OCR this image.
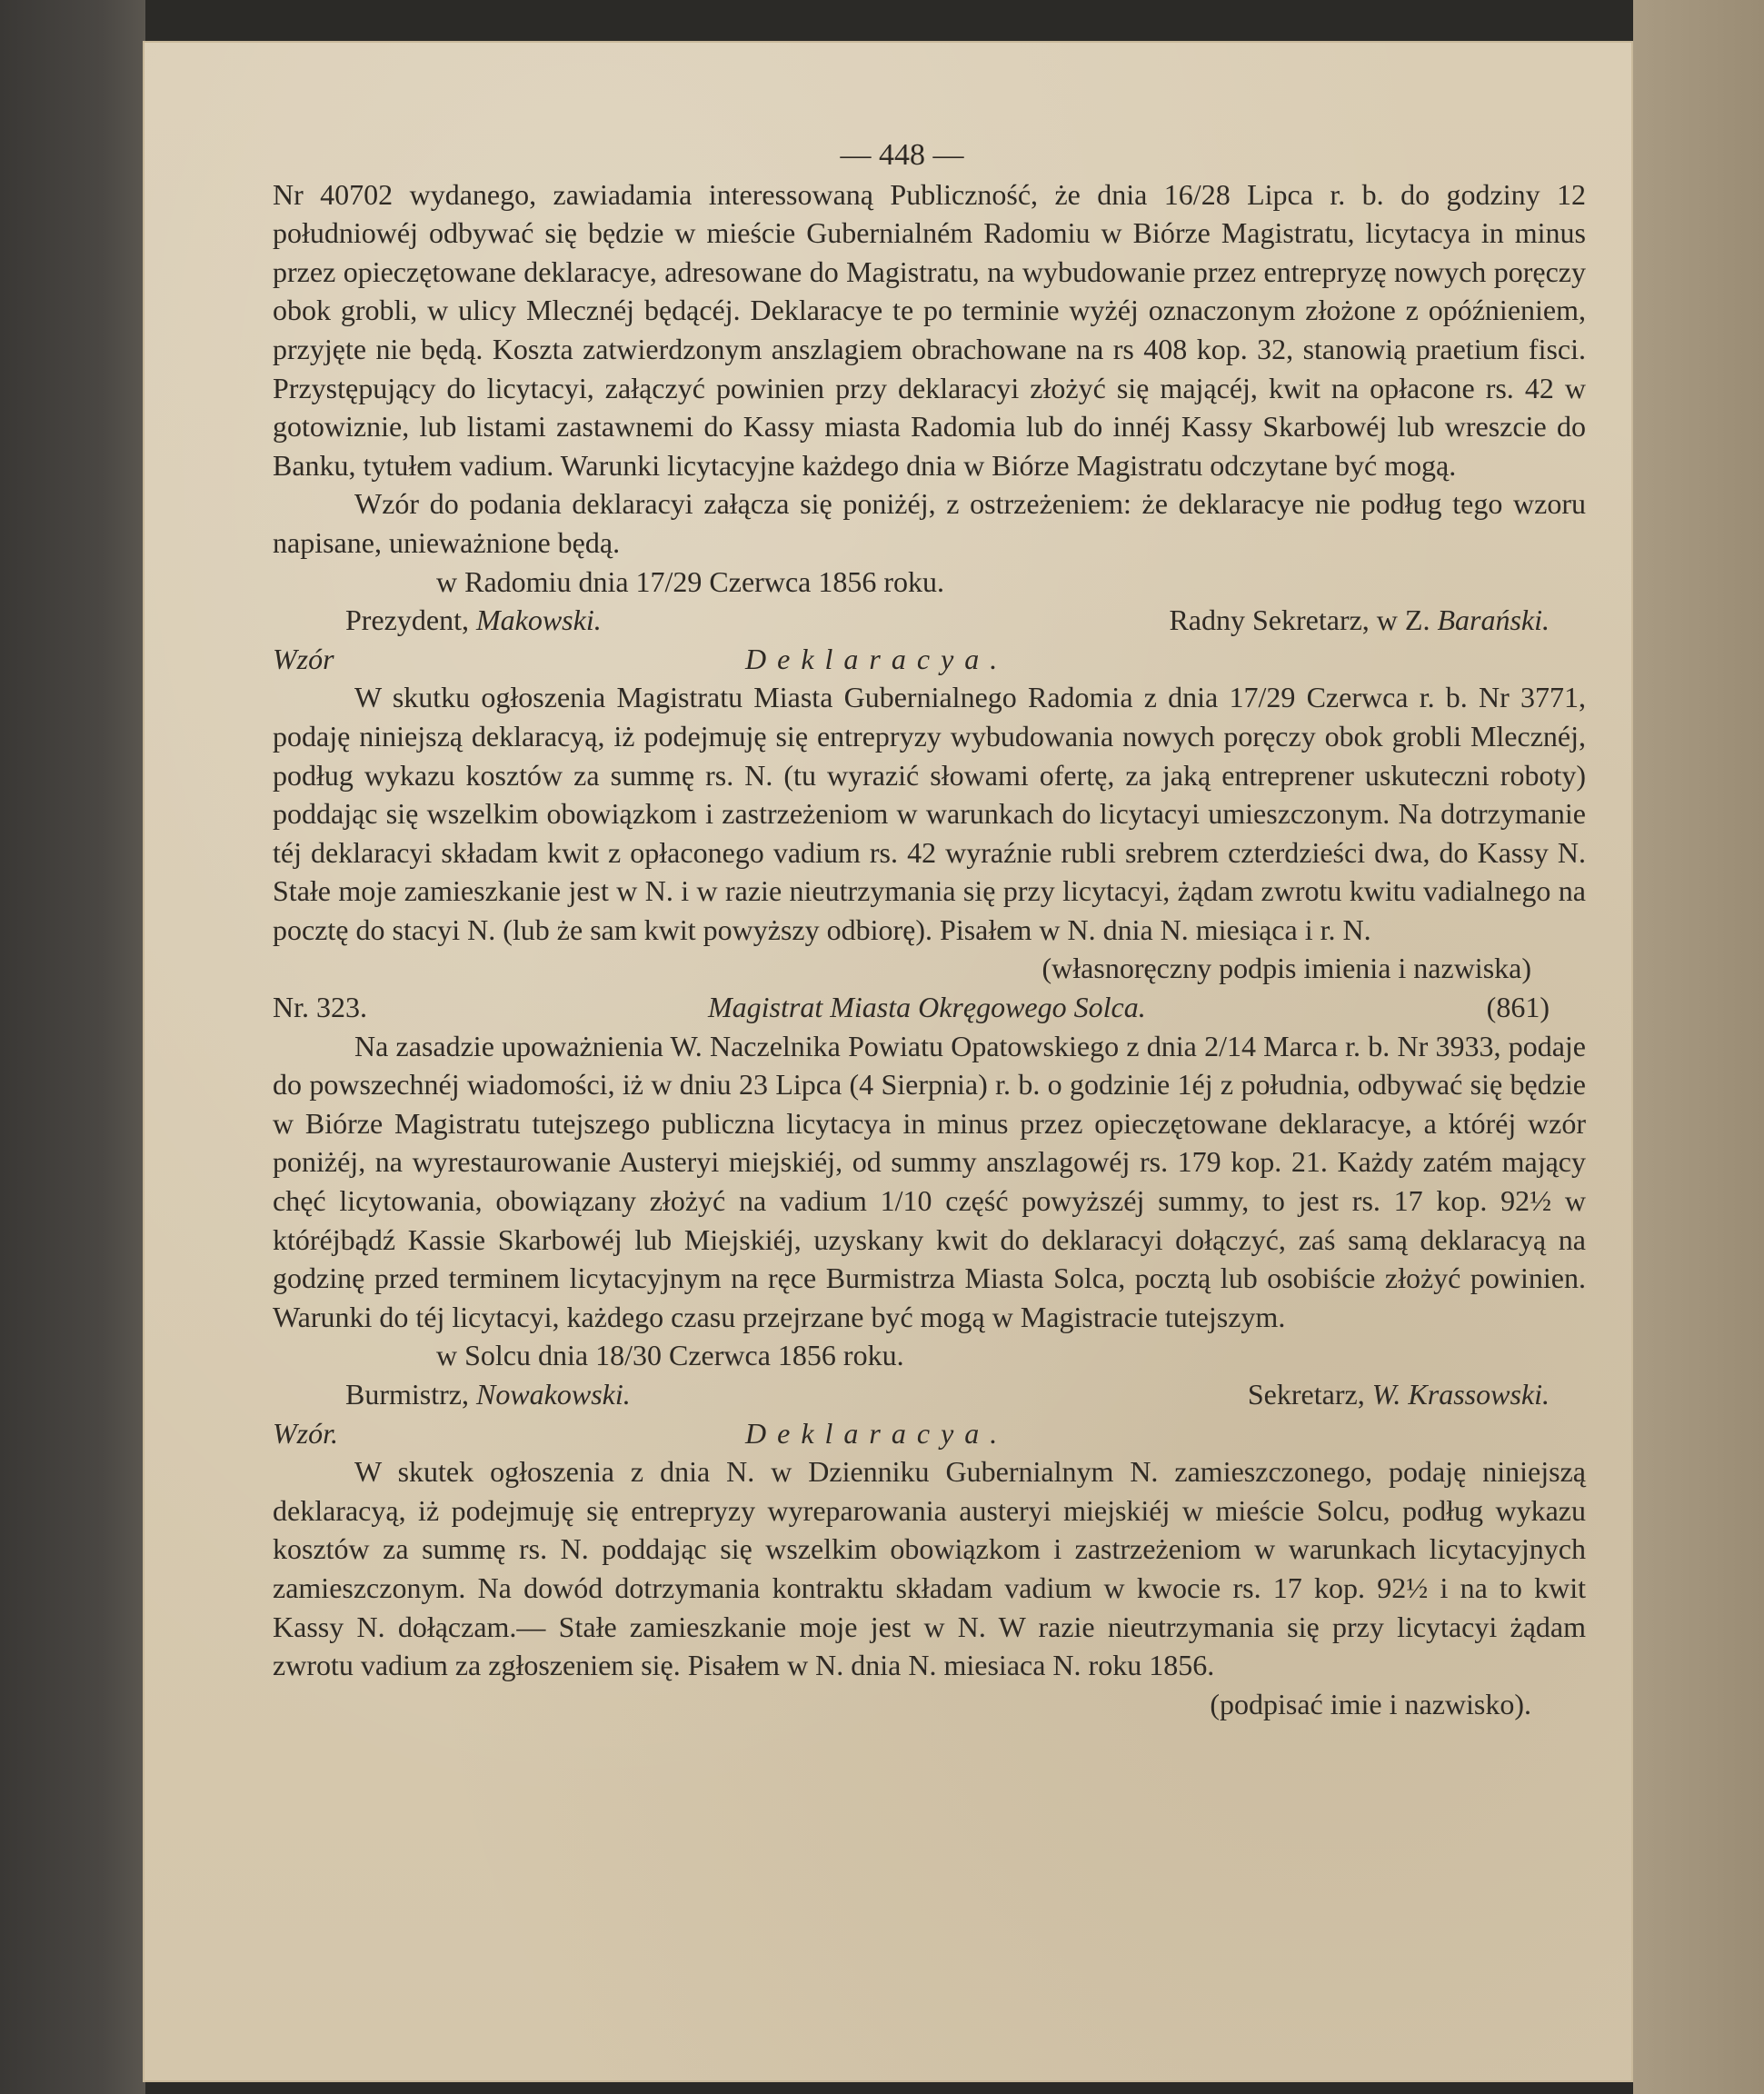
— 448 —

Nr 40702 wydanego, zawiadamia interessowaną Publiczność, że dnia 16/28 Lipca r. b. do godziny 12 południowéj odbywać się będzie w mieście Gubernialném Radomiu w Biórze Magistratu, licytacya in minus przez opieczętowane deklaracye, adresowane do Magistratu, na wybudowanie przez entrepryzę nowych poręczy obok grobli, w ulicy Mlecznéj będącéj. Deklaracye te po terminie wyżéj oznaczonym złożone z opóźnieniem, przyjęte nie będą. Koszta zatwierdzonym anszlagiem obrachowane na rs 408 kop. 32, stanowią praetium fisci. Przystępujący do licytacyi, załączyć powinien przy deklaracyi złożyć się mającéj, kwit na opłacone rs. 42 w gotowiznie, lub listami zastawnemi do Kassy miasta Radomia lub do innéj Kassy Skarbowéj lub wreszcie do Banku, tytułem vadium. Warunki licytacyjne każdego dnia w Biórze Magistratu odczytane być mogą.

Wzór do podania deklaracyi załącza się poniżéj, z ostrzeżeniem: że deklaracye nie podług tego wzoru napisane, unieważnione będą.

w Radomiu dnia 17/29 Czerwca 1856 roku.

Prezydent, Makowski.	Radny Sekretarz, w Z. Barański.
Wzór	Deklaracya.

W skutku ogłoszenia Magistratu Miasta Gubernialnego Radomia z dnia 17/29 Czerwca r. b. Nr 3771, podaję niniejszą deklaracyą, iż podejmuję się entrepryzy wybudowania nowych poręczy obok grobli Mlecznéj, podług wykazu kosztów za summę rs. N. (tu wyrazić słowami ofertę, za jaką entreprener uskuteczni roboty) poddając się wszelkim obowiązkom i zastrzeżeniom w warunkach do licytacyi umieszczonym. Na dotrzymanie téj deklaracyi składam kwit z opłaconego vadium rs. 42 wyraźnie rubli srebrem czterdzieści dwa, do Kassy N. Stałe moje zamieszkanie jest w N. i w razie nieutrzymania się przy licytacyi, żądam zwrotu kwitu vadialnego na pocztę do stacyi N. (lub że sam kwit powyższy odbiorę). Pisałem w N. dnia N. miesiąca i r. N.

(własnoręczny podpis imienia i nazwiska)

Nr. 323.	Magistrat Miasta Okręgowego Solca.	(861)

Na zasadzie upoważnienia W. Naczelnika Powiatu Opatowskiego z dnia 2/14 Marca r. b. Nr 3933, podaje do powszechnéj wiadomości, iż w dniu 23 Lipca (4 Sierpnia) r. b. o godzinie 1éj z południa, odbywać się będzie w Biórze Magistratu tutejszego publiczna licytacya in minus przez opieczętowane deklaracye, a któréj wzór poniżéj, na wyrestaurowanie Austeryi miejskiéj, od summy anszlagowéj rs. 179 kop. 21. Każdy zatém mający chęć licytowania, obowiązany złożyć na vadium 1/10 część powyższéj summy, to jest rs. 17 kop. 92½ w któréjbądź Kassie Skarbowéj lub Miejskiéj, uzyskany kwit do deklaracyi dołączyć, zaś samą deklaracyą na godzinę przed terminem licytacyjnym na ręce Burmistrza Miasta Solca, pocztą lub osobiście złożyć powinien. Warunki do téj licytacyi, każdego czasu przejrzane być mogą w Magistracie tutejszym.

w Solcu dnia 18/30 Czerwca 1856 roku.

Burmistrz, Nowakowski.	Sekretarz, W. Krassowski.
Wzór.	Deklaracya.

W skutek ogłoszenia z dnia N. w Dzienniku Gubernialnym N. zamieszczonego, podaję niniejszą deklaracyą, iż podejmuję się entrepryzy wyreparowania austeryi miejskiéj w mieście Solcu, podług wykazu kosztów za summę rs. N. poddając się wszelkim obowiązkom i zastrzeżeniom w warunkach licytacyjnych zamieszczonym. Na dowód dotrzymania kontraktu składam vadium w kwocie rs. 17 kop. 92½ i na to kwit Kassy N. dołączam.— Stałe zamieszkanie moje jest w N. W razie nieutrzymania się przy licytacyi żądam zwrotu vadium za zgłoszeniem się. Pisałem w N. dnia N. miesiaca N. roku 1856.

(podpisać imie i nazwisko).
